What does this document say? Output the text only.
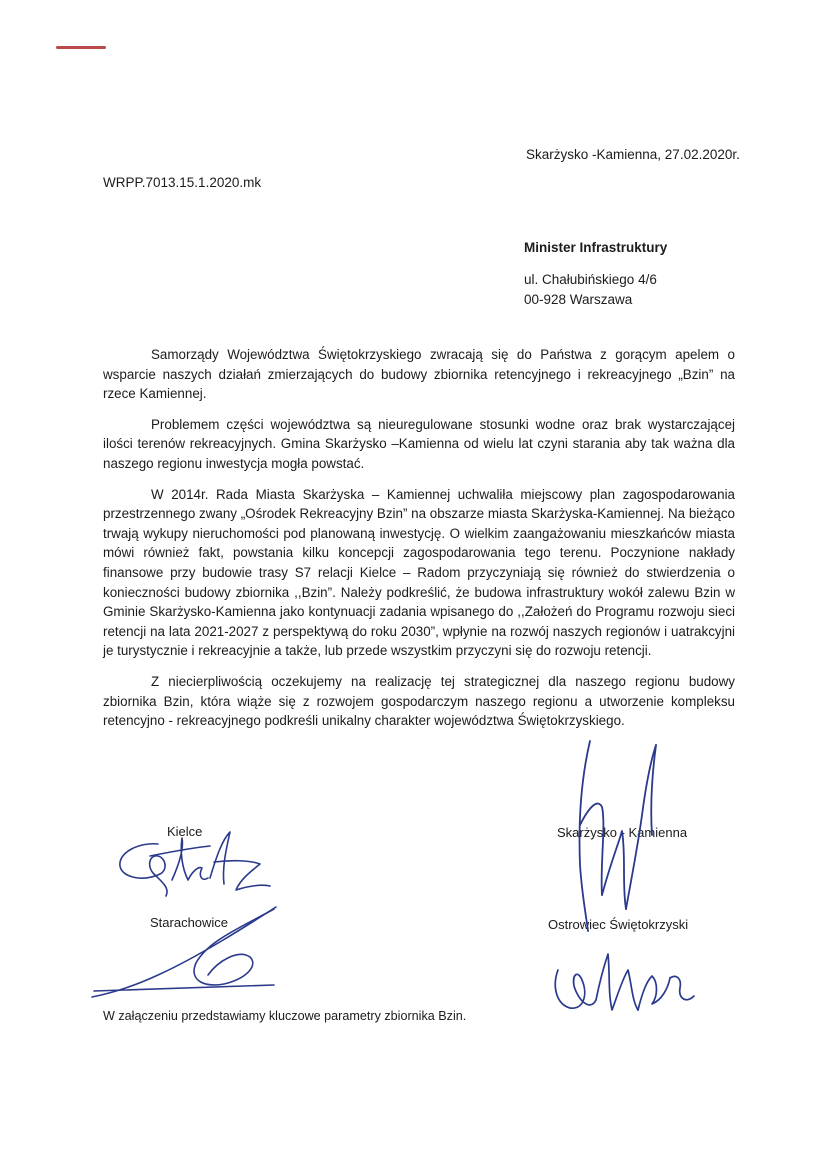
Skarżysko -Kamienna, 27.02.2020r.
WRPP.7013.15.1.2020.mk
Minister Infrastruktury
ul. Chałubińskiego 4/6
00-928 Warszawa

Samorządy Województwa Świętokrzyskiego zwracają się do Państwa z gorącym apelem o wsparcie naszych działań zmierzających do budowy zbiornika retencyjnego i rekreacyjnego „Bzin” na rzece Kamiennej.

Problemem części województwa są nieuregulowane stosunki wodne oraz brak wystarczającej ilości terenów rekreacyjnych. Gmina Skarżysko –Kamienna od wielu lat czyni starania aby tak ważna dla naszego regionu inwestycja mogła powstać.

W 2014r. Rada Miasta Skarżyska – Kamiennej uchwaliła miejscowy plan zagospodarowania przestrzennego zwany „Ośrodek Rekreacyjny Bzin” na obszarze miasta Skarżyska-Kamiennej. Na bieżąco trwają wykupy nieruchomości pod planowaną inwestycję. O wielkim zaangażowaniu mieszkańców miasta mówi również fakt, powstania kilku koncepcji zagospodarowania tego terenu. Poczynione nakłady finansowe przy budowie trasy S7 relacji Kielce – Radom przyczyniają się również do stwierdzenia o konieczności budowy zbiornika ,,Bzin”. Należy podkreślić, że budowa infrastruktury wokół zalewu Bzin w Gminie Skarżysko-Kamienna jako kontynuacji zadania wpisanego do ,,Założeń do Programu rozwoju sieci retencji na lata 2021-2027 z perspektywą do roku 2030”, wpłynie na rozwój naszych regionów i uatrakcyjni je turystycznie i rekreacyjnie a także, lub przede wszystkim przyczyni się do rozwoju retencji.

Z niecierpliwością oczekujemy na realizację tej strategicznej dla naszego regionu budowy zbiornika Bzin, która wiąże się z rozwojem gospodarczym naszego regionu a utworzenie kompleksu retencyjno - rekreacyjnego podkreśli unikalny charakter województwa Świętokrzyskiego.

Kielce
Starachowice
Skarżysko - Kamienna
Ostrowiec Świętokrzyski
W załączeniu przedstawiamy kluczowe parametry zbiornika Bzin.
